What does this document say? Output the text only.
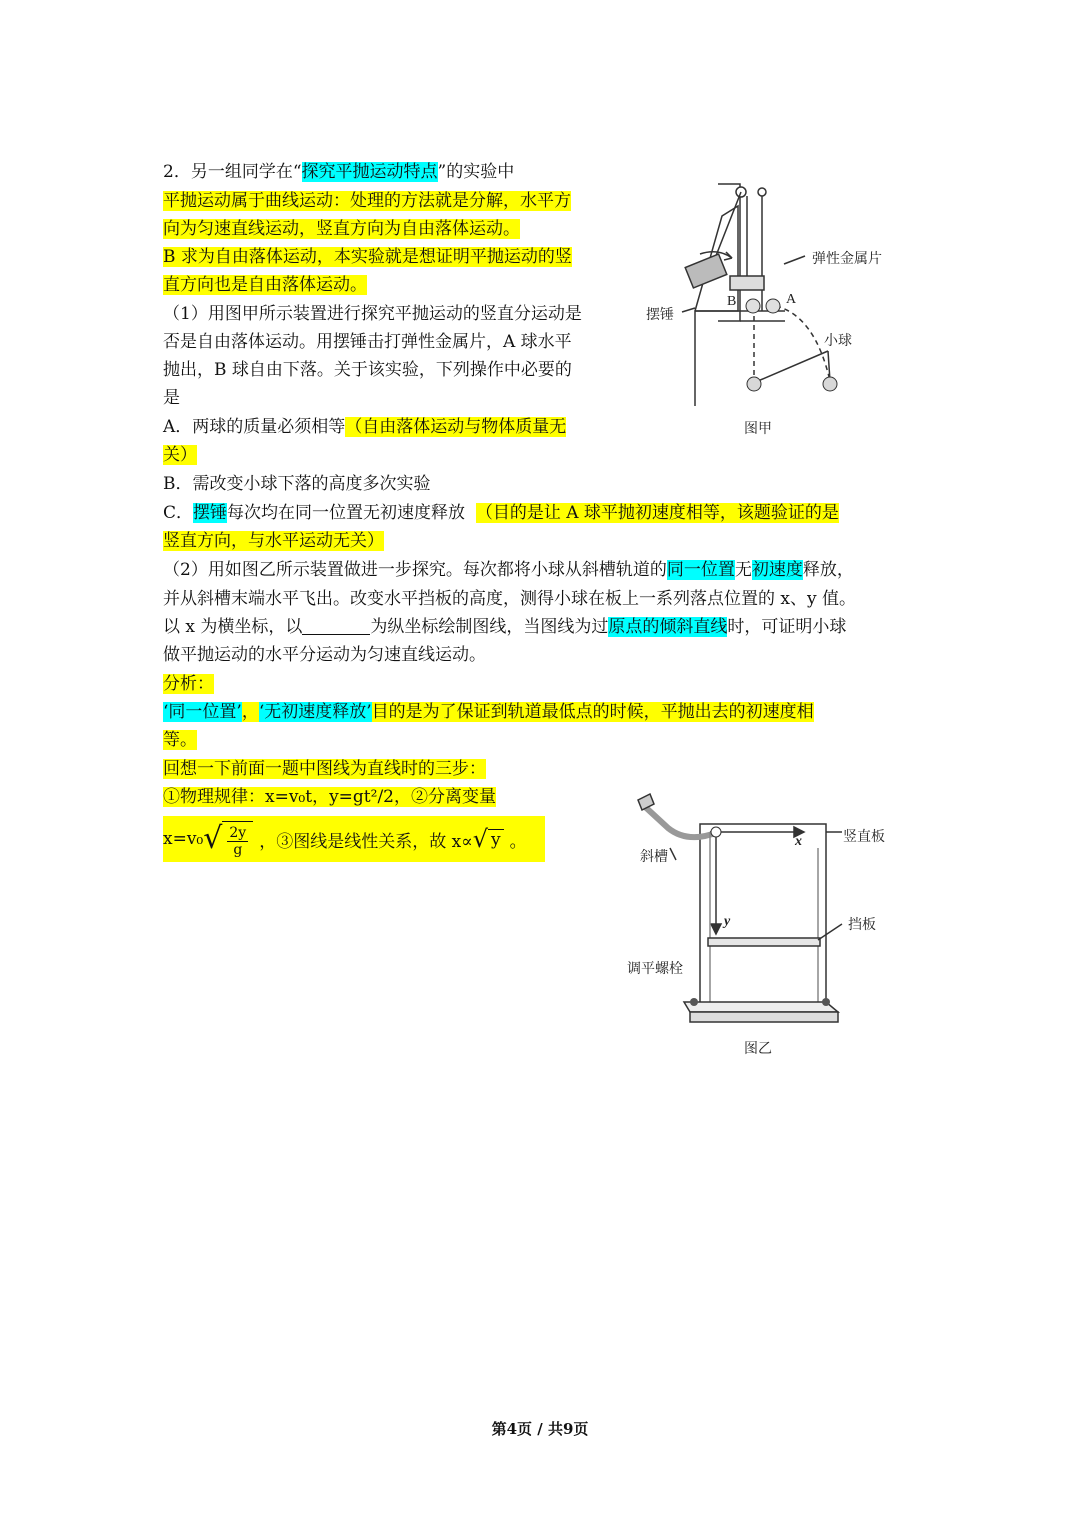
2．另一组同学在“探究平抛运动特点”的实验中
平抛运动属于曲线运动：处理的方法就是分解，水平方
向为匀速直线运动，竖直方向为自由落体运动。
B 求为自由落体运动，本实验就是想证明平抛运动的竖
直方向也是自由落体运动。
（1）用图甲所示装置进行探究平抛运动的竖直分运动是
否是自由落体运动。用摆锤击打弹性金属片，A 球水平
抛出，B 球自由下落。关于该实验，下列操作中必要的
是
A．两球的质量必须相等（自由落体运动与物体质量无
关）
B．需改变小球下落的高度多次实验
C．摆锤每次均在同一位置无初速度释放 （目的是让 A 球平抛初速度相等，该题验证的是
竖直方向，与水平运动无关）
（2）用如图乙所示装置做进一步探究。每次都将小球从斜槽轨道的同一位置无初速度释放，
并从斜槽末端水平飞出。改变水平挡板的高度，测得小球在板上一系列落点位置的 x、y 值。
以 x 为横坐标，以	为纵坐标绘制图线，当图线为过原点的倾斜直线时，可证明小球
做平抛运动的水平分运动为匀速直线运动。
分析：
‘同一位置’，‘无初速度释放’目的是为了保证到轨道最低点的时候，平抛出去的初速度相
等。
回想一下前面一题中图线为直线时的三步：
①物理规律：x=v₀t，y=gt²/2，②分离变量
x=v₀ √ $\frac{2y}{g}$ ，③图线是线性关系，故 x∝ √ y 。
弹性金属片
摆锤
小球
A
B
图甲
斜槽
竖直板
挡板
调平螺栓
x
y
图乙
第4页 / 共9页
